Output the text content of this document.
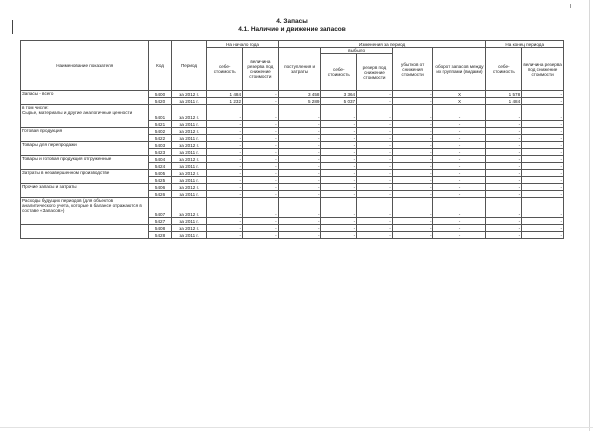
4. Запасы
4.1. Наличие и движение запасов
Наименование показателя	Код	Период	На начало года		Изменения за период					На конец периода	
			себе-стоимость	величина резерва под снижение стоимости	поступления и затраты	выбыло		убытков от снижения стоимости	оборот запасов между их группами (видами)	себе-стоимость	величина резерва под снижение стоимости
						себе-стоимость	резерв под снижение стоимости				
Запасы - всего	5400	за 2012 г.	1 484	-	3 458	3 364	-	-	X	1 578	-
	5420	за 2011 г.	1 232	-	5 289	5 037	-	-	X	1 484	-
в том числе:
Сырье, материалы и другие аналогичные ценности	5401	за 2012 г.	-	-	-	-	-	-	-	-	-
	5421	за 2011 г.	-	-	-	-	-	-	-	-	-
Готовая продукция	5402	за 2012 г.	-	-	-	-	-	-	-	-	-
	5422	за 2011 г.	-	-	-	-	-	-	-	-	-
Товары для перепродажи	5403	за 2012 г.	-	-	-	-	-	-	-	-	-
	5423	за 2011 г.	-	-	-	-	-	-	-	-	-
Товары и готовая продукция отгруженные	5404	за 2012 г.	-	-	-	-	-	-	-	-	-
	5424	за 2011 г.	-	-	-	-	-	-	-	-	-
Затраты в незавершенном производстве	5405	за 2012 г.	-	-	-	-	-	-	-	-	-
	5425	за 2011 г.	-	-	-	-	-	-	-	-	-
Прочие запасы и затраты	5406	за 2012 г.	-	-	-	-	-	-	-	-	-
	5426	за 2011 г.	-	-	-	-	-	-	-	-	-
Расходы будущих периодов (для объектов аналитического учета, которые в балансе отражаются в составе «Запасов»)	5407	за 2012 г.	-	-	-	-	-	-	-	-	-
	5427	за 2011 г.	-	-	-	-	-	-	-	-	-
	5408	за 2012 г.	-	-	-	-	-	-	-	-	-
	5428	за 2011 г.	-	-	-	-	-	-	-	-	-
